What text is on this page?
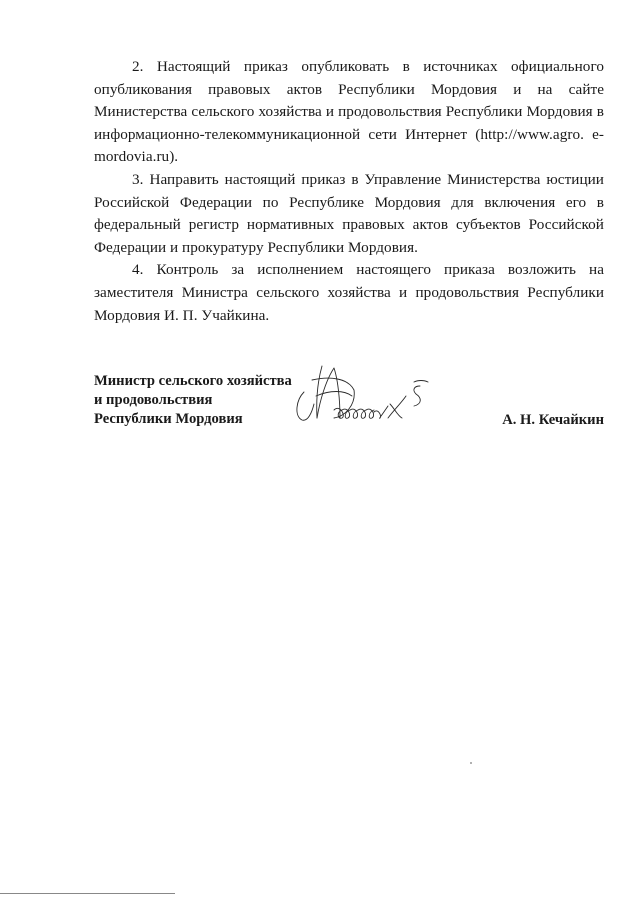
2. Настоящий приказ опубликовать в источниках официального опубликования правовых актов Республики Мордовия и на сайте Министерства сельского хозяйства и продовольствия Республики Мордовия в информационно-телекоммуникационной сети Интернет (http://www.agro. e-mordovia.ru).

3. Направить настоящий приказ в Управление Министерства юстиции Российской Федерации по Республике Мордовия для включения его в федеральный регистр нормативных правовых актов субъектов Российской Федерации и прокуратуру Республики Мордовия.

4. Контроль за исполнением настоящего приказа возложить на заместителя Министра сельского хозяйства и продовольствия Республики Мордовия И. П. Учайкина.

Министр сельского хозяйства
и продовольствия
Республики Мордовия	А. Н. Кечайкин
